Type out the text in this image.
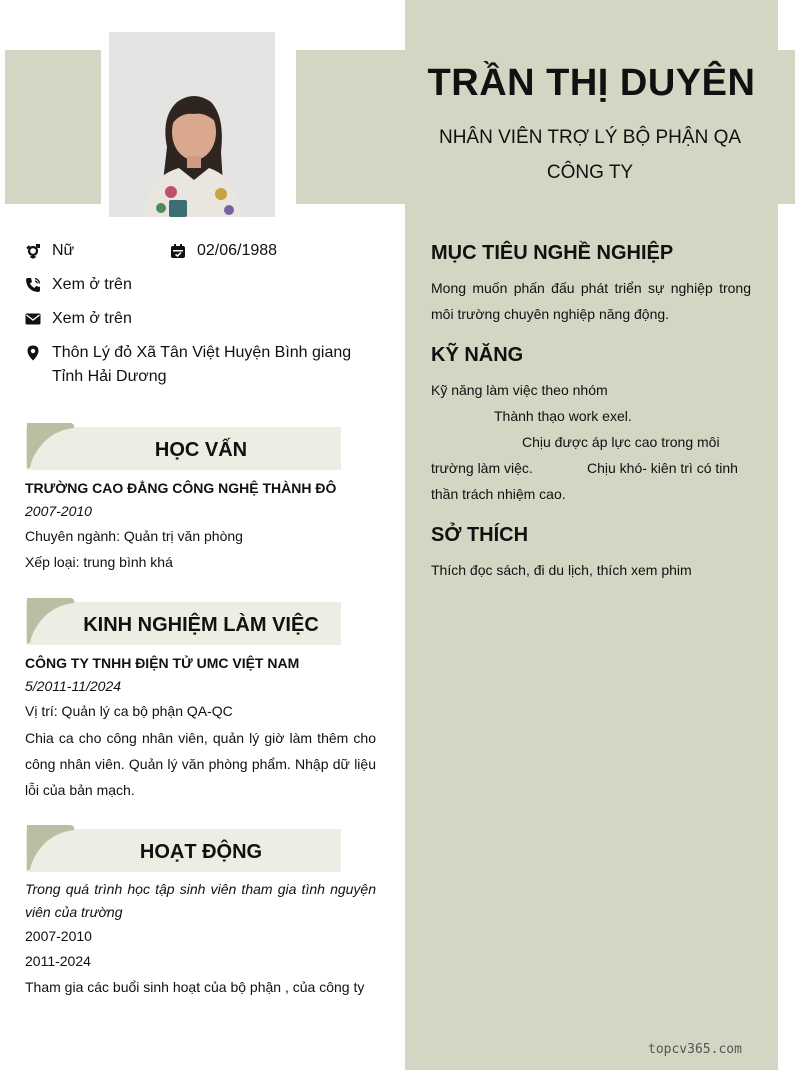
TRẦN THỊ DUYÊN
NHÂN VIÊN TRỢ LÝ BỘ PHẬN QA CÔNG TY
Nữ	02/06/1988
Xem ở trên
Xem ở trên
Thôn Lý đỏ Xã Tân Việt Huyện Bình giang Tỉnh Hải Dương
HỌC VẤN
TRƯỜNG CAO ĐẲNG CÔNG NGHỆ THÀNH ĐÔ
2007-2010
Chuyên ngành: Quản trị văn phòng
Xếp loại: trung bình khá
KINH NGHIỆM LÀM VIỆC
CÔNG TY TNHH ĐIỆN TỬ UMC VIỆT NAM
5/2011-11/2024
Vị trí: Quản lý ca bộ phận QA-QC
Chia ca cho công nhân viên, quản lý giờ làm thêm cho công nhân viên. Quản lý văn phòng phẩm. Nhập dữ liệu lỗi của bản mạch.
HOẠT ĐỘNG
Trong quá trình học tập sinh viên tham gia tình nguyện viên của trường
2007-2010
2011-2024
Tham gia các buổi sinh hoạt của bộ phận , của công ty
MỤC TIÊU NGHỀ NGHIỆP
Mong muốn phấn đấu phát triển sự nghiệp trong môi trường chuyên nghiệp năng động.
KỸ NĂNG
Kỹ năng làm việc theo nhóm
Thành thạo work exel.
Chịu được áp lực cao trong môi
trường làm việc.	Chịu khó- kiên trì có tinh
thần trách nhiệm cao.
SỞ THÍCH
Thích đọc sách, đi du lịch, thích xem phim
topcv365.com
